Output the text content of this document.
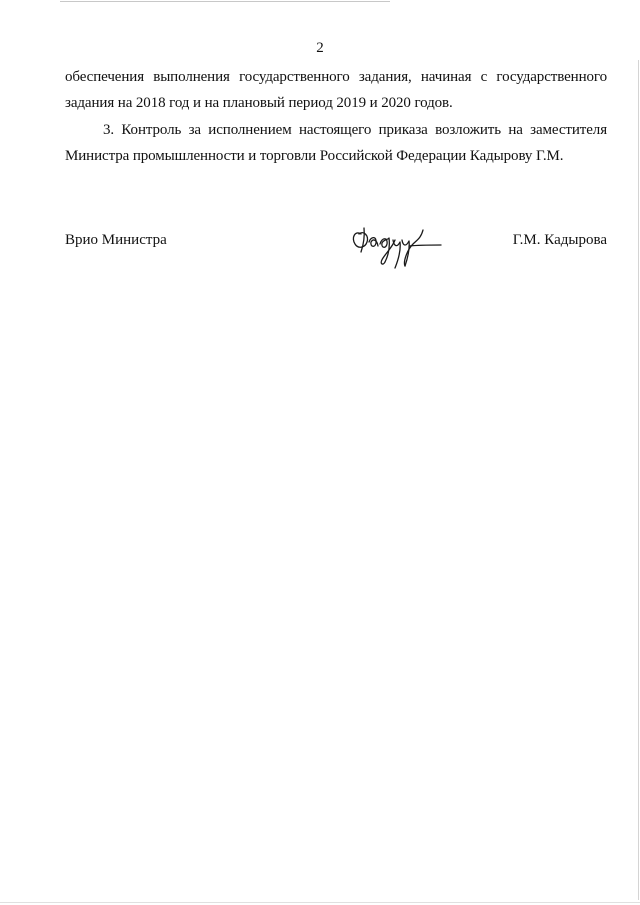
2
обеспечения выполнения государственного задания, начиная с государственного
задания на 2018 год и на плановый период 2019 и 2020 годов.
3. Контроль за исполнением настоящего приказа возложить на заместителя
Министра промышленности и торговли Российской Федерации Кадырову Г.М.
Врио Министра	Г.М. Кадырова
